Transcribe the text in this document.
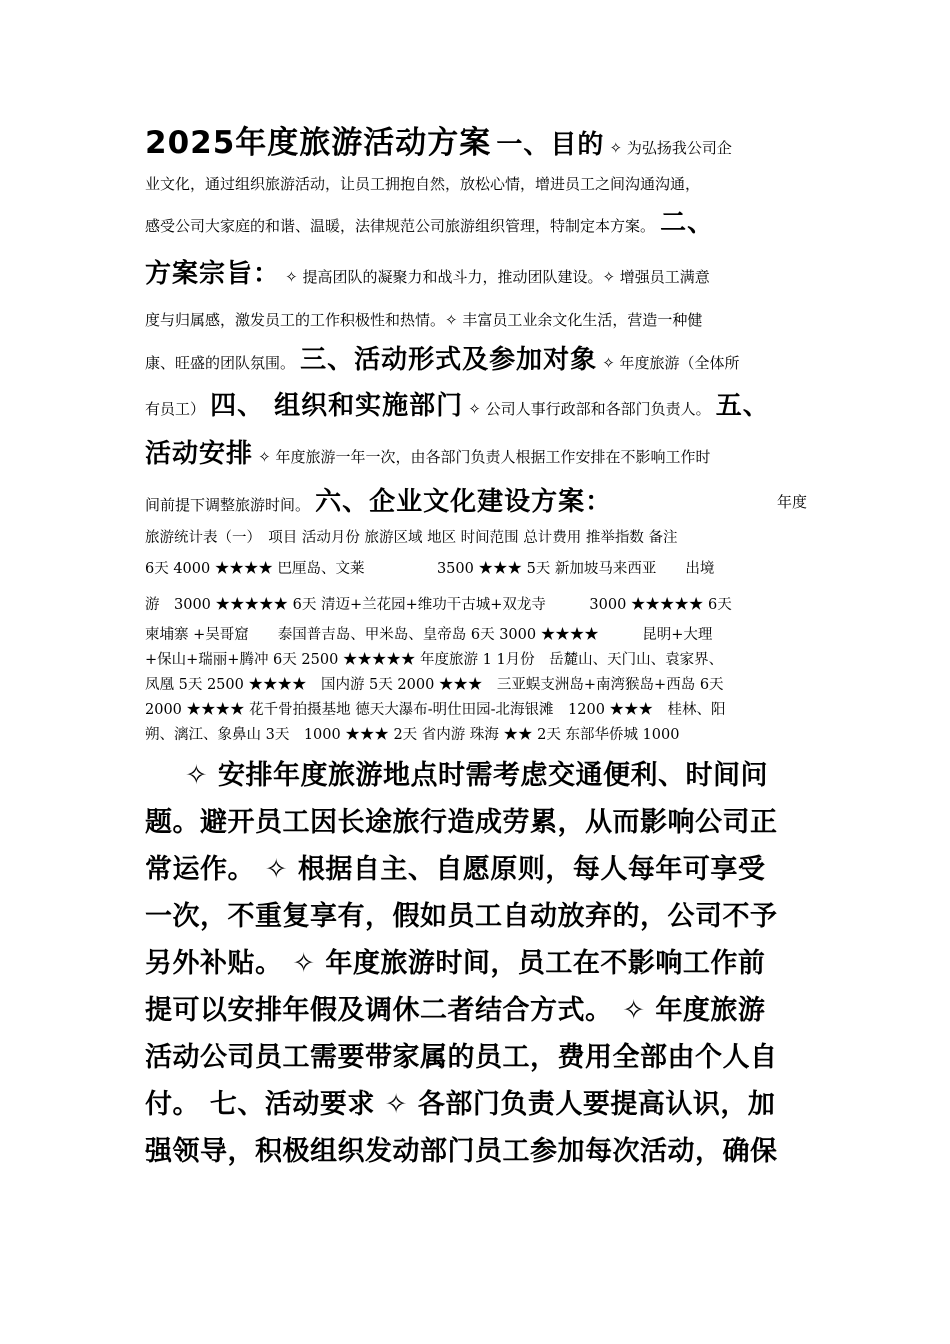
2025年度旅游活动方案 一、目的 ✧ 为弘扬我公司企
业文化，通过组织旅游活动，让员工拥抱自然，放松心情，增进员工之间沟通沟通，
感受公司大家庭的和谐、温暖，法律规范公司旅游组织管理，特制定本方案。 二、
方案宗旨： ✧ 提高团队的凝聚力和战斗力，推动团队建设。✧ 增强员工满意
度与归属感，激发员工的工作积极性和热情。✧ 丰富员工业余文化生活，营造一种健
康、旺盛的团队氛围。 三、活动形式及参加对象 ✧ 年度旅游（全体所
有员工） 四、 组织和实施部门 ✧ 公司人事行政部和各部门负责人。 五、
活动安排 ✧ 年度旅游一年一次，由各部门负责人根据工作安排在不影响工作时
间前提下调整旅游时间。 六、企业文化建设方案：	年度
旅游统计表（一）　项目 活动月份 旅游区域 地区 时间范围 总计费用 推举指数 备注
6天 4000 ★★★★ 巴厘岛、文莱　　　　　3500 ★★★ 5天 新加坡马来西亚　　出境
游　3000 ★★★★★ 6天 清迈+兰花园+维功干古城+双龙寺　　　3000 ★★★★★ 6天
柬埔寨 +吴哥窟　　泰国普吉岛、甲米岛、皇帝岛 6天 3000 ★★★★　　　昆明+大理
+保山+瑞丽+腾冲 6天 2500 ★★★★★ 年度旅游 1 1月份　岳麓山、天门山、袁家界、
凤凰 5天 2500 ★★★★　国内游 5天 2000 ★★★　三亚蜈支洲岛+南湾猴岛+西岛 6天
2000 ★★★★ 花千骨拍摄基地 德天大瀑布-明仕田园-北海银滩　1200 ★★★　桂林、阳
朔、漓江、象鼻山 3天　1000 ★★★ 2天 省内游 珠海 ★★ 2天 东部华侨城 1000
✧ 安排年度旅游地点时需考虑交通便利、时间问
题。避开员工因长途旅行造成劳累，从而影响公司正
常运作。 ✧ 根据自主、自愿原则，每人每年可享受
一次，不重复享有，假如员工自动放弃的，公司不予
另外补贴。 ✧ 年度旅游时间，员工在不影响工作前
提可以安排年假及调休二者结合方式。 ✧ 年度旅游
活动公司员工需要带家属的员工，费用全部由个人自
付。 七、活动要求 ✧ 各部门负责人要提高认识，加
强领导，积极组织发动部门员工参加每次活动，确保
